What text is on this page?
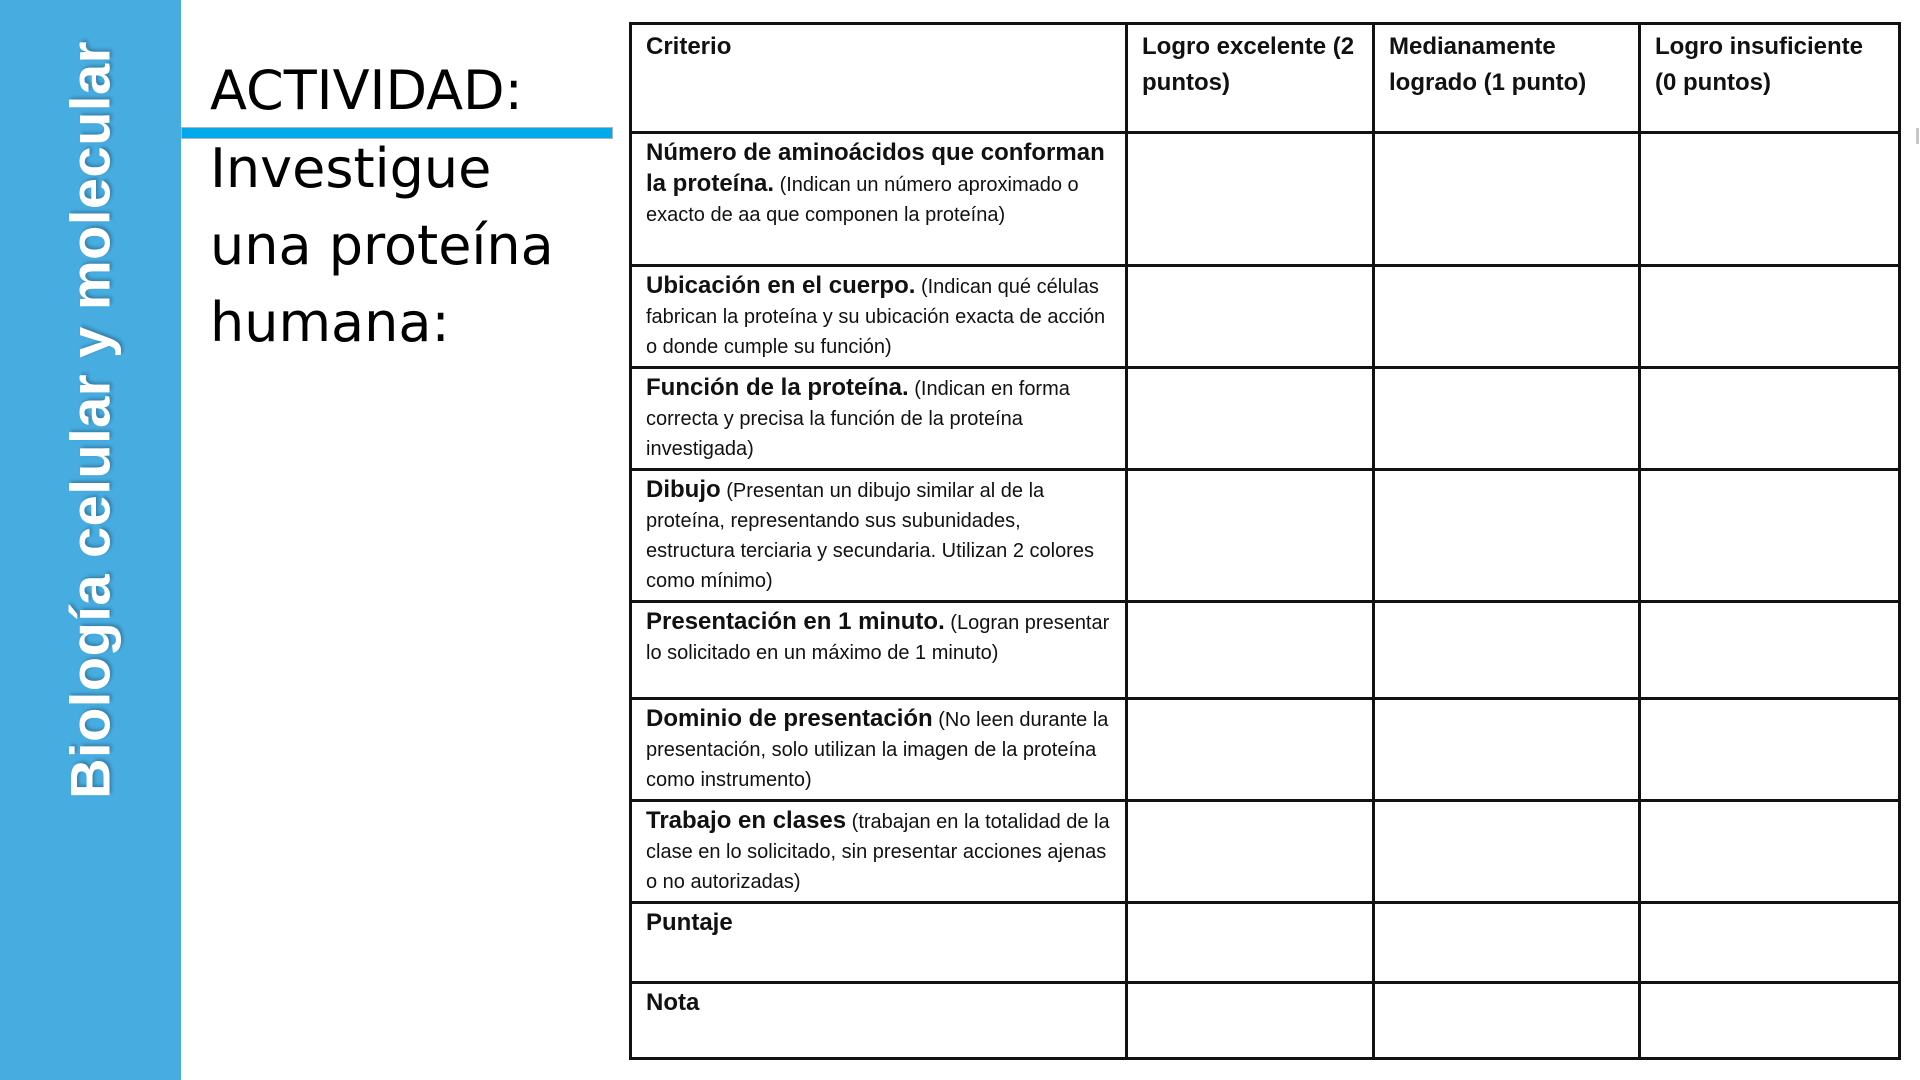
Biología celular y molecular ACTIVIDAD:
Investigue una proteína humana:
Criterio	Logro excelente (2 puntos)	Medianamente logrado (1 punto)	Logro insuficiente (0 puntos)
Número de aminoácidos que conforman la proteína. (Indican un número aproximado o exacto de aa que componen la proteína)			
Ubicación en el cuerpo. (Indican qué células fabrican la proteína y su ubicación exacta de acción o donde cumple su función)			
Función de la proteína. (Indican en forma correcta y precisa la función de la proteína investigada)			
Dibujo (Presentan un dibujo similar al de la proteína, representando sus subunidades, estructura terciaria y secundaria. Utilizan 2 colores como mínimo)			
Presentación en 1 minuto. (Logran presentar lo solicitado en un máximo de 1 minuto)			
Dominio de presentación (No leen durante la presentación, solo utilizan la imagen de la proteína como instrumento)			
Trabajo en clases (trabajan en la totalidad de la clase en lo solicitado, sin presentar acciones ajenas o no autorizadas)			
Puntaje			
Nota			
